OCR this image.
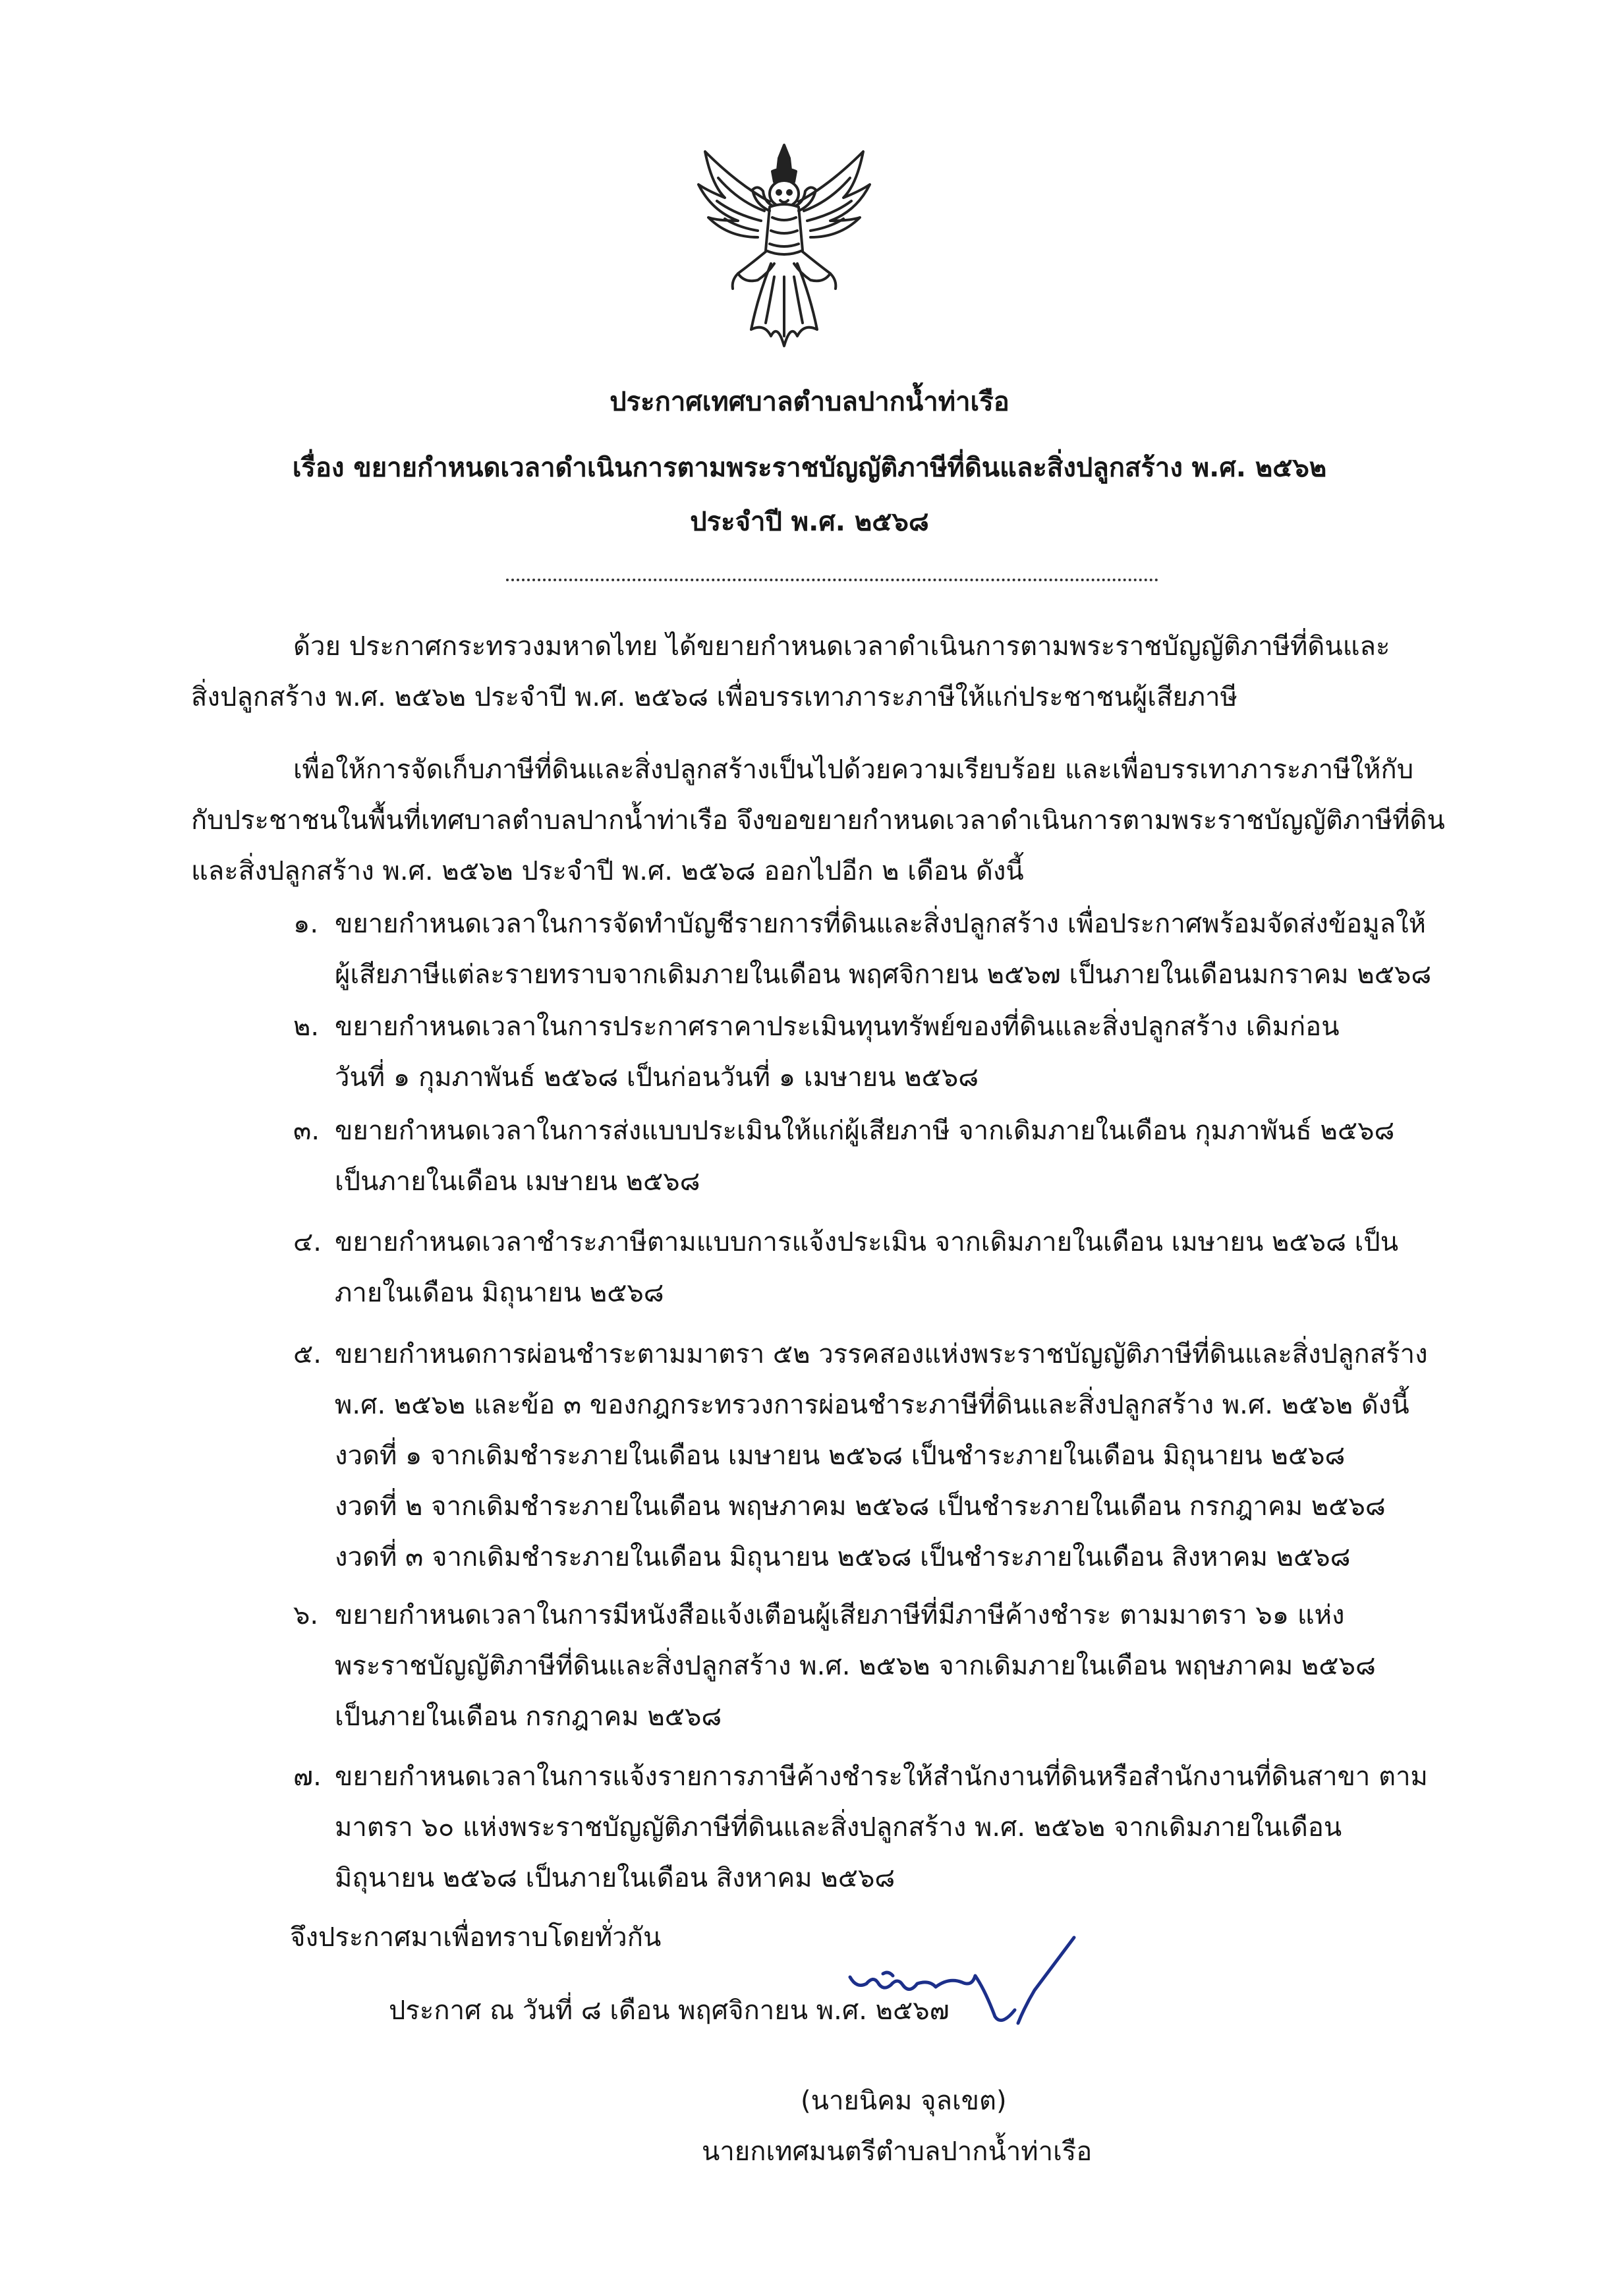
ประกาศเทศบาลตำบลปากน้ำท่าเรือ
เรื่อง ขยายกำหนดเวลาดำเนินการตามพระราชบัญญัติภาษีที่ดินและสิ่งปลูกสร้าง พ.ศ. ๒๕๖๒
ประจำปี พ.ศ. ๒๕๖๘
ด้วย ประกาศกระทรวงมหาดไทย ได้ขยายกำหนดเวลาดำเนินการตามพระราชบัญญัติภาษีที่ดินและ
สิ่งปลูกสร้าง พ.ศ. ๒๕๖๒ ประจำปี พ.ศ. ๒๕๖๘ เพื่อบรรเทาภาระภาษีให้แก่ประชาชนผู้เสียภาษี
เพื่อให้การจัดเก็บภาษีที่ดินและสิ่งปลูกสร้างเป็นไปด้วยความเรียบร้อย และเพื่อบรรเทาภาระภาษีให้กับ
กับประชาชนในพื้นที่เทศบาลตำบลปากน้ำท่าเรือ จึงขอขยายกำหนดเวลาดำเนินการตามพระราชบัญญัติภาษีที่ดิน
และสิ่งปลูกสร้าง พ.ศ. ๒๕๖๒ ประจำปี พ.ศ. ๒๕๖๘ ออกไปอีก ๒ เดือน ดังนี้
๑. ขยายกำหนดเวลาในการจัดทำบัญชีรายการที่ดินและสิ่งปลูกสร้าง เพื่อประกาศพร้อมจัดส่งข้อมูลให้
ผู้เสียภาษีแต่ละรายทราบจากเดิมภายในเดือน พฤศจิกายน ๒๕๖๗ เป็นภายในเดือนมกราคม ๒๕๖๘
๒. ขยายกำหนดเวลาในการประกาศราคาประเมินทุนทรัพย์ของที่ดินและสิ่งปลูกสร้าง เดิมก่อน
วันที่ ๑ กุมภาพันธ์ ๒๕๖๘ เป็นก่อนวันที่ ๑ เมษายน ๒๕๖๘
๓. ขยายกำหนดเวลาในการส่งแบบประเมินให้แก่ผู้เสียภาษี จากเดิมภายในเดือน กุมภาพันธ์ ๒๕๖๘
เป็นภายในเดือน เมษายน ๒๕๖๘
๔. ขยายกำหนดเวลาชำระภาษีตามแบบการแจ้งประเมิน จากเดิมภายในเดือน เมษายน ๒๕๖๘ เป็น
ภายในเดือน มิถุนายน ๒๕๖๘
๕. ขยายกำหนดการผ่อนชำระตามมาตรา ๕๒ วรรคสองแห่งพระราชบัญญัติภาษีที่ดินและสิ่งปลูกสร้าง
พ.ศ. ๒๕๖๒ และข้อ ๓ ของกฎกระทรวงการผ่อนชำระภาษีที่ดินและสิ่งปลูกสร้าง พ.ศ. ๒๕๖๒ ดังนี้
งวดที่ ๑ จากเดิมชำระภายในเดือน เมษายน ๒๕๖๘ เป็นชำระภายในเดือน มิถุนายน ๒๕๖๘
งวดที่ ๒ จากเดิมชำระภายในเดือน พฤษภาคม ๒๕๖๘ เป็นชำระภายในเดือน กรกฎาคม ๒๕๖๘
งวดที่ ๓ จากเดิมชำระภายในเดือน มิถุนายน ๒๕๖๘ เป็นชำระภายในเดือน สิงหาคม ๒๕๖๘
๖. ขยายกำหนดเวลาในการมีหนังสือแจ้งเตือนผู้เสียภาษีที่มีภาษีค้างชำระ ตามมาตรา ๖๑ แห่ง
พระราชบัญญัติภาษีที่ดินและสิ่งปลูกสร้าง พ.ศ. ๒๕๖๒ จากเดิมภายในเดือน พฤษภาคม ๒๕๖๘
เป็นภายในเดือน กรกฎาคม ๒๕๖๘
๗. ขยายกำหนดเวลาในการแจ้งรายการภาษีค้างชำระให้สำนักงานที่ดินหรือสำนักงานที่ดินสาขา ตาม
มาตรา ๖๐ แห่งพระราชบัญญัติภาษีที่ดินและสิ่งปลูกสร้าง พ.ศ. ๒๕๖๒ จากเดิมภายในเดือน
มิถุนายน ๒๕๖๘ เป็นภายในเดือน สิงหาคม ๒๕๖๘
จึงประกาศมาเพื่อทราบโดยทั่วกัน
ประกาศ ณ วันที่ ๘ เดือน พฤศจิกายน พ.ศ. ๒๕๖๗
(นายนิคม จุลเขต)
นายกเทศมนตรีตำบลปากน้ำท่าเรือ
